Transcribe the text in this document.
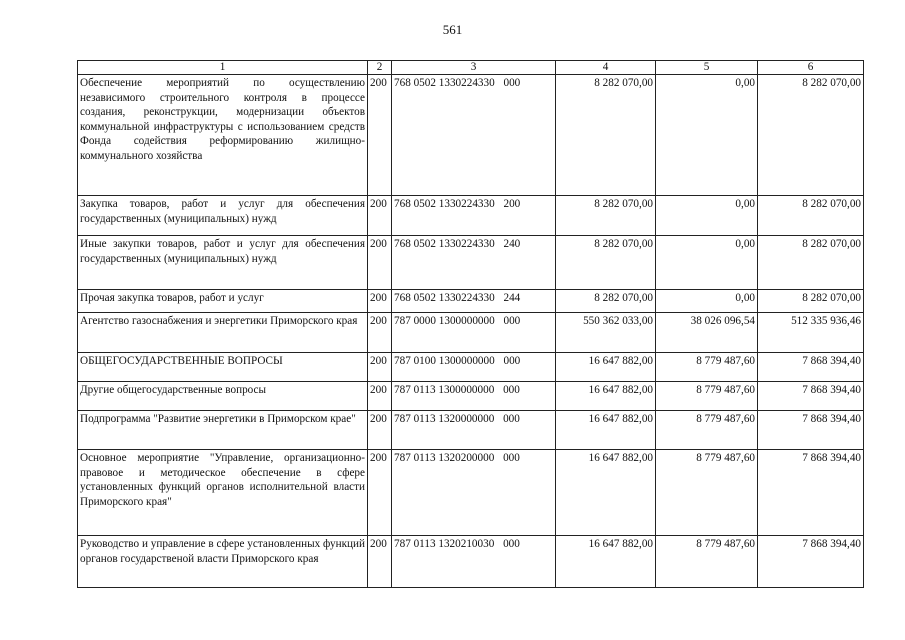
561
1	2	3	4	5	6
Обеспечение мероприятий по осуществлению независимого строительного контроля в процессе создания, реконструкции, модернизации объектов коммунальной инфраструктуры с использованием средств Фонда содействия реформированию жилищно-коммунального хозяйства	200	768 0502 1330224330 000	8 282 070,00	0,00	8 282 070,00
Закупка товаров, работ и услуг для обеспечения государственных (муниципальных) нужд	200	768 0502 1330224330 200	8 282 070,00	0,00	8 282 070,00
Иные закупки товаров, работ и услуг для обеспечения государственных (муниципальных) нужд	200	768 0502 1330224330 240	8 282 070,00	0,00	8 282 070,00
Прочая закупка товаров, работ и услуг	200	768 0502 1330224330 244	8 282 070,00	0,00	8 282 070,00
Агентство газоснабжения и энергетики Приморского края	200	787 0000 1300000000 000	550 362 033,00	38 026 096,54	512 335 936,46
ОБЩЕГОСУДАРСТВЕННЫЕ ВОПРОСЫ	200	787 0100 1300000000 000	16 647 882,00	8 779 487,60	7 868 394,40
Другие общегосударственные вопросы	200	787 0113 1300000000 000	16 647 882,00	8 779 487,60	7 868 394,40
Подпрограмма "Развитие энергетики в Приморском крае"	200	787 0113 1320000000 000	16 647 882,00	8 779 487,60	7 868 394,40
Основное мероприятие "Управление, организационно-правовое и методическое обеспечение в сфере установленных функций органов исполнительной власти Приморского края"	200	787 0113 1320200000 000	16 647 882,00	8 779 487,60	7 868 394,40
Руководство и управление в сфере установленных функций органов государственой власти Приморского края	200	787 0113 1320210030 000	16 647 882,00	8 779 487,60	7 868 394,40
